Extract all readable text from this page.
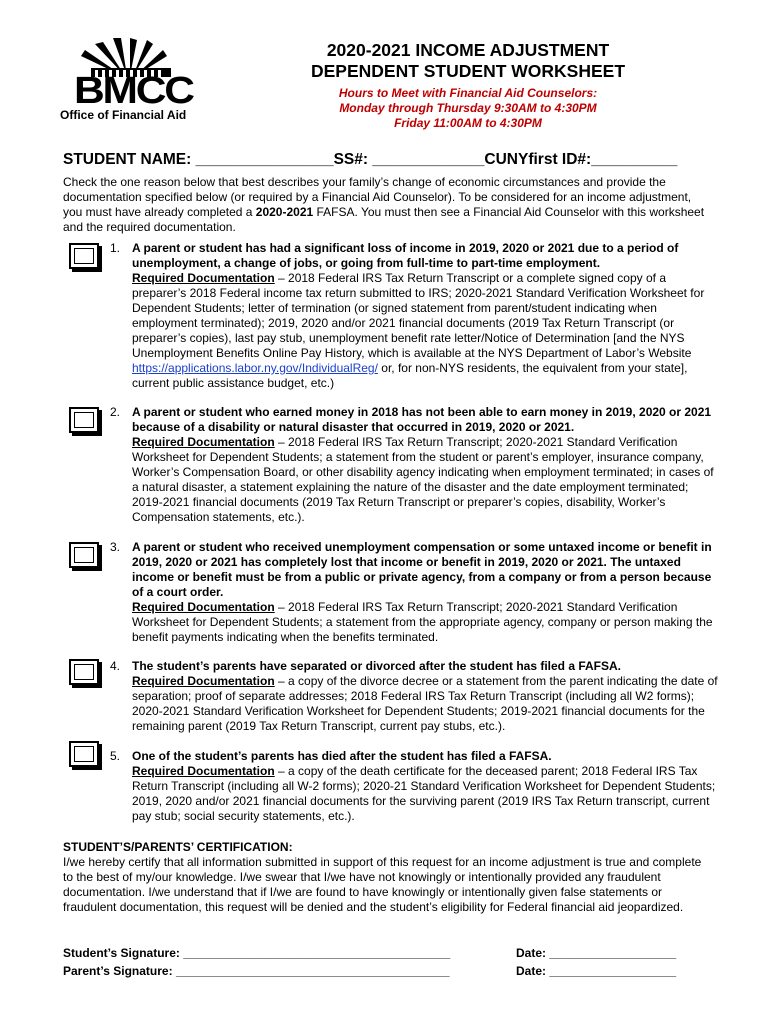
BMCC
Office of Financial Aid
2020-2021 INCOME ADJUSTMENT
DEPENDENT STUDENT WORKSHEET
Hours to Meet with Financial Aid Counselors:
Monday through Thursday 9:30AM to 4:30PM
Friday 11:00AM to 4:30PM
STUDENT NAME: ________________SS#: _____________CUNYfirst ID#:__________
Check the one reason below that best describes your family’s change of economic circumstances and provide the documentation specified below (or required by a Financial Aid Counselor). To be considered for an income adjustment, you must have already completed a 2020-2021 FAFSA. You must then see a Financial Aid Counselor with this worksheet and the required documentation.
1. A parent or student has had a significant loss of income in 2019, 2020 or 2021 due to a period of unemployment, a change of jobs, or going from full-time to part-time employment.
Required Documentation – 2018 Federal IRS Tax Return Transcript or a complete signed copy of a preparer’s 2018 Federal income tax return submitted to IRS; 2020-2021 Standard Verification Worksheet for Dependent Students; letter of termination (or signed statement from parent/student indicating when employment terminated); 2019, 2020 and/or 2021 financial documents (2019 Tax Return Transcript (or preparer’s copies), last pay stub, unemployment benefit rate letter/Notice of Determination [and the NYS Unemployment Benefits Online Pay History, which is available at the NYS Department of Labor’s Website https://applications.labor.ny.gov/IndividualReg/ or, for non-NYS residents, the equivalent from your state], current public assistance budget, etc.)
2. A parent or student who earned money in 2018 has not been able to earn money in 2019, 2020 or 2021 because of a disability or natural disaster that occurred in 2019, 2020 or 2021.
Required Documentation – 2018 Federal IRS Tax Return Transcript; 2020-2021 Standard Verification Worksheet for Dependent Students; a statement from the student or parent’s employer, insurance company, Worker’s Compensation Board, or other disability agency indicating when employment terminated; in cases of a natural disaster, a statement explaining the nature of the disaster and the date employment terminated; 2019-2021 financial documents (2019 Tax Return Transcript or preparer’s copies, disability, Worker’s Compensation statements, etc.).
3. A parent or student who received unemployment compensation or some untaxed income or benefit in 2019, 2020 or 2021 has completely lost that income or benefit in 2019, 2020 or 2021. The untaxed income or benefit must be from a public or private agency, from a company or from a person because of a court order.
Required Documentation – 2018 Federal IRS Tax Return Transcript; 2020-2021 Standard Verification Worksheet for Dependent Students; a statement from the appropriate agency, company or person making the benefit payments indicating when the benefits terminated.
4. The student’s parents have separated or divorced after the student has filed a FAFSA.
Required Documentation – a copy of the divorce decree or a statement from the parent indicating the date of separation; proof of separate addresses; 2018 Federal IRS Tax Return Transcript (including all W2 forms); 2020-2021 Standard Verification Worksheet for Dependent Students; 2019-2021 financial documents for the remaining parent (2019 Tax Return Transcript, current pay stubs, etc.).
5. One of the student’s parents has died after the student has filed a FAFSA.
Required Documentation – a copy of the death certificate for the deceased parent; 2018 Federal IRS Tax Return Transcript (including all W-2 forms); 2020-21 Standard Verification Worksheet for Dependent Students; 2019, 2020 and/or 2021 financial documents for the surviving parent (2019 IRS Tax Return transcript, current pay stub; social security statements, etc.).
STUDENT’S/PARENTS’ CERTIFICATION:
I/we hereby certify that all information submitted in support of this request for an income adjustment is true and complete to the best of my/our knowledge. I/we swear that I/we have not knowingly or intentionally provided any fraudulent documentation. I/we understand that if I/we are found to have knowingly or intentionally given false statements or fraudulent documentation, this request will be denied and the student’s eligibility for Federal financial aid jeopardized.
Student’s Signature: ________________________________________	Date: ___________________
Parent’s Signature: _________________________________________	Date: ___________________
